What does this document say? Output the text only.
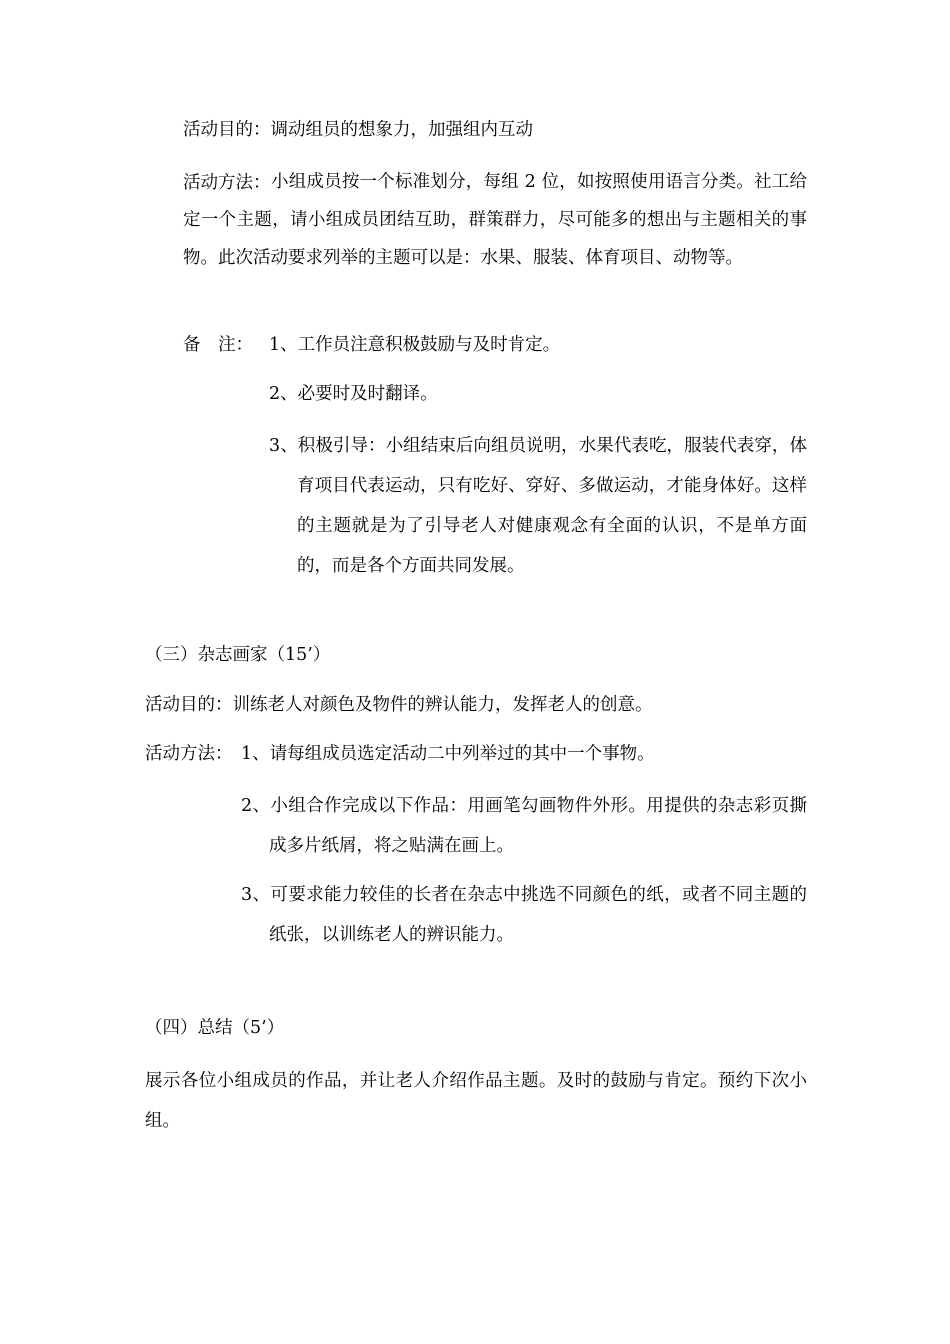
活动目的：调动组员的想象力，加强组内互动
活动方法： 小组成员按一个标准划分，每组 2 位，如按照使用语言分类。社工给定一个主题，请小组成员团结互助，群策群力，尽可能多的想出与主题相关的事物。此次活动要求列举的主题可以是：水果、服装、体育项目、动物等。
备　注： 1、工作员注意积极鼓励与及时肯定。
2、必要时及时翻译。
3、积极引导：小组结束后向组员说明，水果代表吃，服装代表穿，体育项目代表运动，只有吃好、穿好、多做运动，才能身体好。这样的主题就是为了引导老人对健康观念有全面的认识，不是单方面的，而是各个方面共同发展。
（三）杂志画家（15’）
活动目的：训练老人对颜色及物件的辨认能力，发挥老人的创意。
活动方法： 1、请每组成员选定活动二中列举过的其中一个事物。
2、小组合作完成以下作品：用画笔勾画物件外形。用提供的杂志彩页撕成多片纸屑，将之贴满在画上。
3、可要求能力较佳的长者在杂志中挑选不同颜色的纸，或者不同主题的纸张，以训练老人的辨识能力。
（四）总结（5’）
展示各位小组成员的作品，并让老人介绍作品主题。及时的鼓励与肯定。预约下次小组。
